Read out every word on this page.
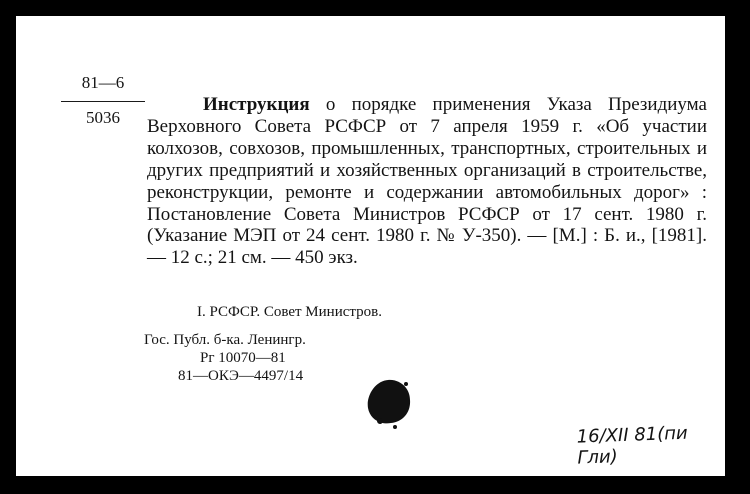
81—6
5036
Инструкция о порядке применения Указа Президиума Верховного Совета РСФСР от 7 апреля 1959 г. «Об участии колхозов, совхозов, промышленных, транспортных, строительных и других предприятий и хозяйственных организаций в строительстве, реконструкции, ремонте и содержании автомобильных дорог» : Постановление Совета Министров РСФСР от 17 сент. 1980 г. (Указание МЭП от 24 сент. 1980 г. № У-350). — [М.] : Б. и., [1981]. — 12 с.; 21 см. — 450 экз.
I. РСФСР. Совет Министров.
Гос. Публ. б-ка. Ленингр.
Рг 10070—81
81—ОКЭ—4497/14
16/XII 81(пи Гли)
